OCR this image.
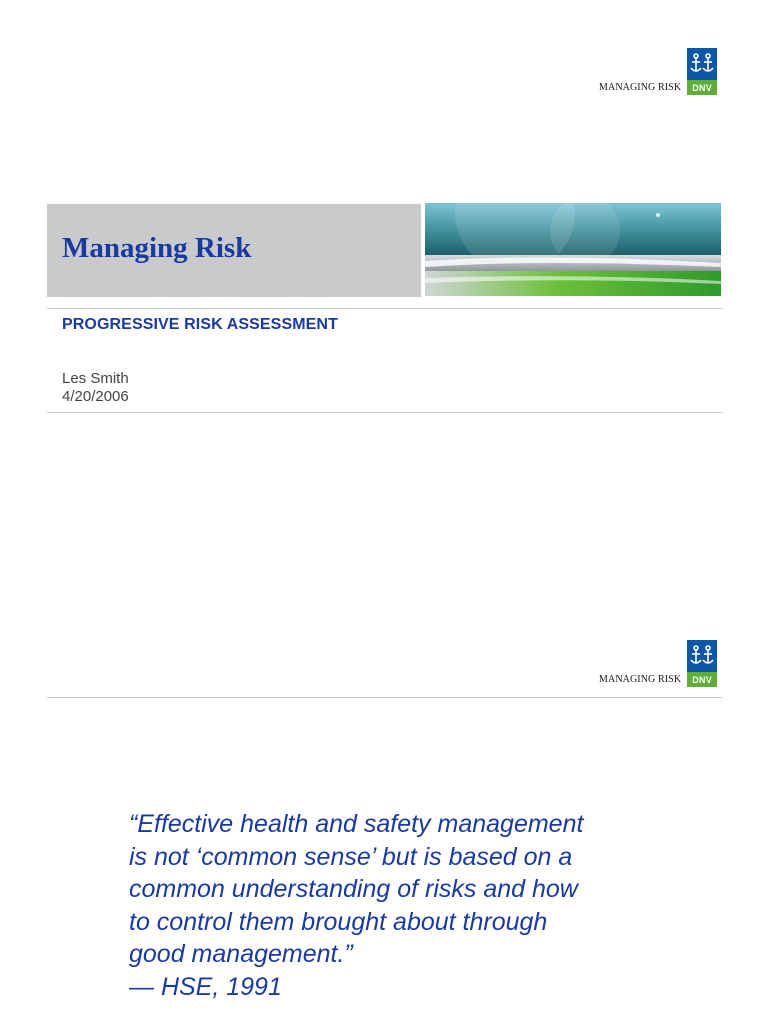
MANAGING RISK	DNV
Managing Risk
PROGRESSIVE RISK ASSESSMENT
Les Smith
4/20/2006
MANAGING RISK	DNV
“Effective health and safety management
is not ‘common sense’ but is based on a
common understanding of risks and how
to control them brought about through
good management.”
— HSE, 1991
